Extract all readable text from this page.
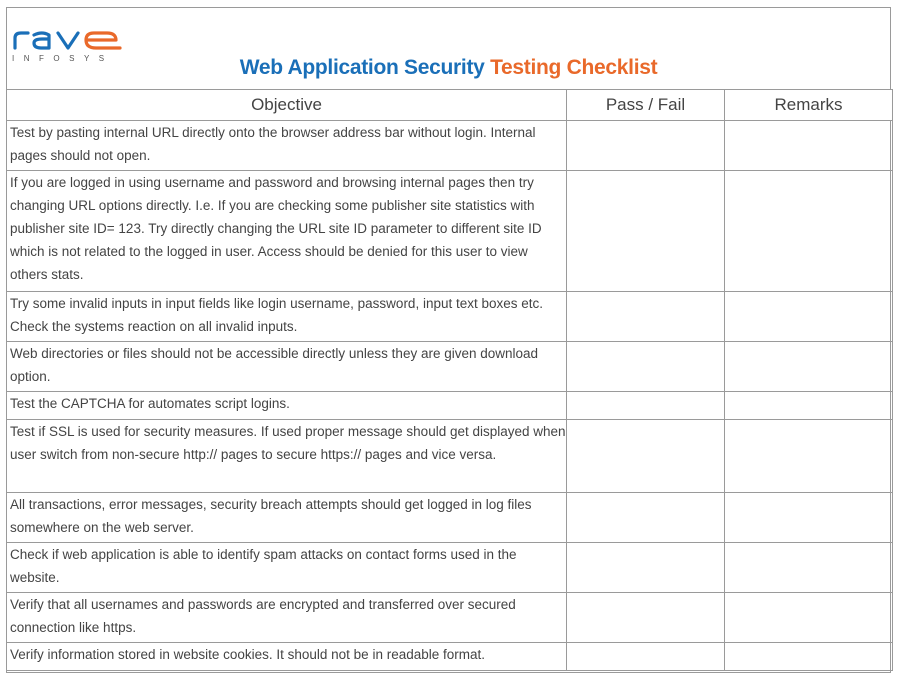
INFOSYS	Web Application Security Testing Checklist
Objective	Pass / Fail	Remarks
Test by pasting internal URL directly onto the browser address bar without login. Internal pages should not open.		
If you are logged in using username and password and browsing internal pages then try changing URL options directly. I.e. If you are checking some publisher site statistics with publisher site ID= 123. Try directly changing the URL site ID parameter to different site ID which is not related to the logged in user. Access should be denied for this user to view others stats.		
Try some invalid inputs in input fields like login username, password, input text boxes etc. Check the systems reaction on all invalid inputs.		
Web directories or files should not be accessible directly unless they are given download option.		
Test the CAPTCHA for automates script logins.		
Test if SSL is used for security measures. If used proper message should get displayed when user switch from non-secure http:// pages to secure https:// pages and vice versa.		
All transactions, error messages, security breach attempts should get logged in log files somewhere on the web server.		
Check if web application is able to identify spam attacks on contact forms used in the website.		
Verify that all usernames and passwords are encrypted and transferred over secured connection like https.		
Verify information stored in website cookies. It should not be in readable format.		
